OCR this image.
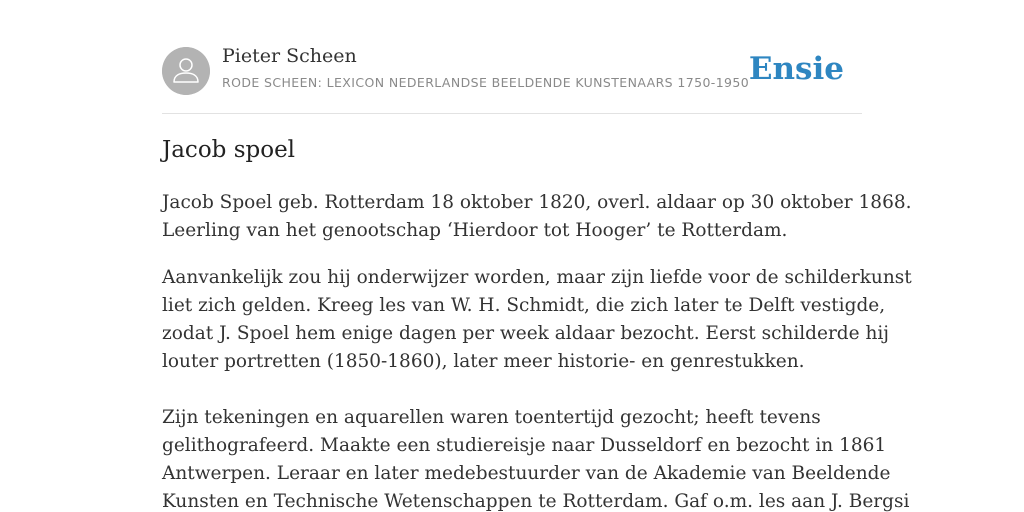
Pieter Scheen
RODE SCHEEN: LEXICON NEDERLANDSE BEELDENDE KUNSTENAARS 1750-1950 Ensie
Jacob spoel
Jacob Spoel geb. Rotterdam 18 oktober 1820, overl. aldaar op 30 oktober 1868.
Leerling van het genootschap ‘Hierdoor tot Hooger’ te Rotterdam.
Aanvankelijk zou hij onderwijzer worden, maar zijn liefde voor de schilderkunst
liet zich gelden. Kreeg les van W. H. Schmidt, die zich later te Delft vestigde,
zodat J. Spoel hem enige dagen per week aldaar bezocht. Eerst schilderde hij
louter portretten (1850-1860), later meer historie- en genrestukken.
Zijn tekeningen en aquarellen waren toentertijd gezocht; heeft tevens
gelithografeerd. Maakte een studiereisje naar Dusseldorf en bezocht in 1861
Antwerpen. Leraar en later medebestuurder van de Akademie van Beeldende
Kunsten en Technische Wetenschappen te Rotterdam. Gaf o.m. les aan J. Bergsi
